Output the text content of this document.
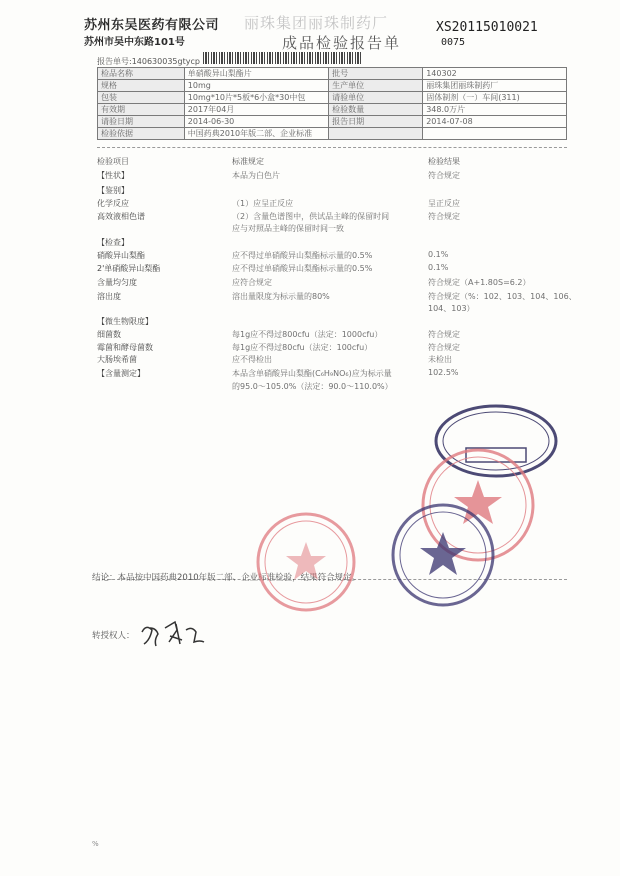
苏州东吴医药有限公司
苏州市吴中东路101号
丽珠集团丽珠制药厂
成品检验报告单
XS20115010021
0075
报告单号:140630035gtycp
检品名称	单硝酸异山梨酯片	批号	140302
规格	10mg	生产单位	丽珠集团丽珠制药厂
包装	10mg*10片*5板*6小盒*30中包	请验单位	固体制剂（一）车间(311)
有效期	2017年04月	检验数量	348.0万片
请验日期	2014-06-30	报告日期	2014-07-08
检验依据	中国药典2010年版二部、企业标准		
检验项目	标准规定	检验结果
【性状】	本品为白色片	符合规定
【鉴别】
化学反应	（1）应呈正反应	呈正反应
高效液相色谱	（2）含量色谱图中，供试品主峰的保留时间	符合规定
应与对照品主峰的保留时间一致
【检查】
硝酸异山梨酯	应不得过单硝酸异山梨酯标示量的0.5%	0.1%
2'单硝酸异山梨酯	应不得过单硝酸异山梨酯标示量的0.5%	0.1%
含量均匀度	应符合规定	符合规定（A+1.80S=6.2）
溶出度	溶出量限度为标示量的80%	符合规定（%：102、103、104、106、
104、103）
【微生物限度】
细菌数	每1g应不得过800cfu（法定：1000cfu）	符合规定
霉菌和酵母菌数	每1g应不得过80cfu（法定：100cfu）	符合规定
大肠埃希菌	应不得检出	未检出
【含量测定】	本品含单硝酸异山梨酯(C₆H₉NO₆)应为标示量	102.5%
的95.0～105.0%（法定：90.0～110.0%）
结论：本品按中国药典2010年版二部、企业标准检验，结果符合规定。
转授权人：
%
